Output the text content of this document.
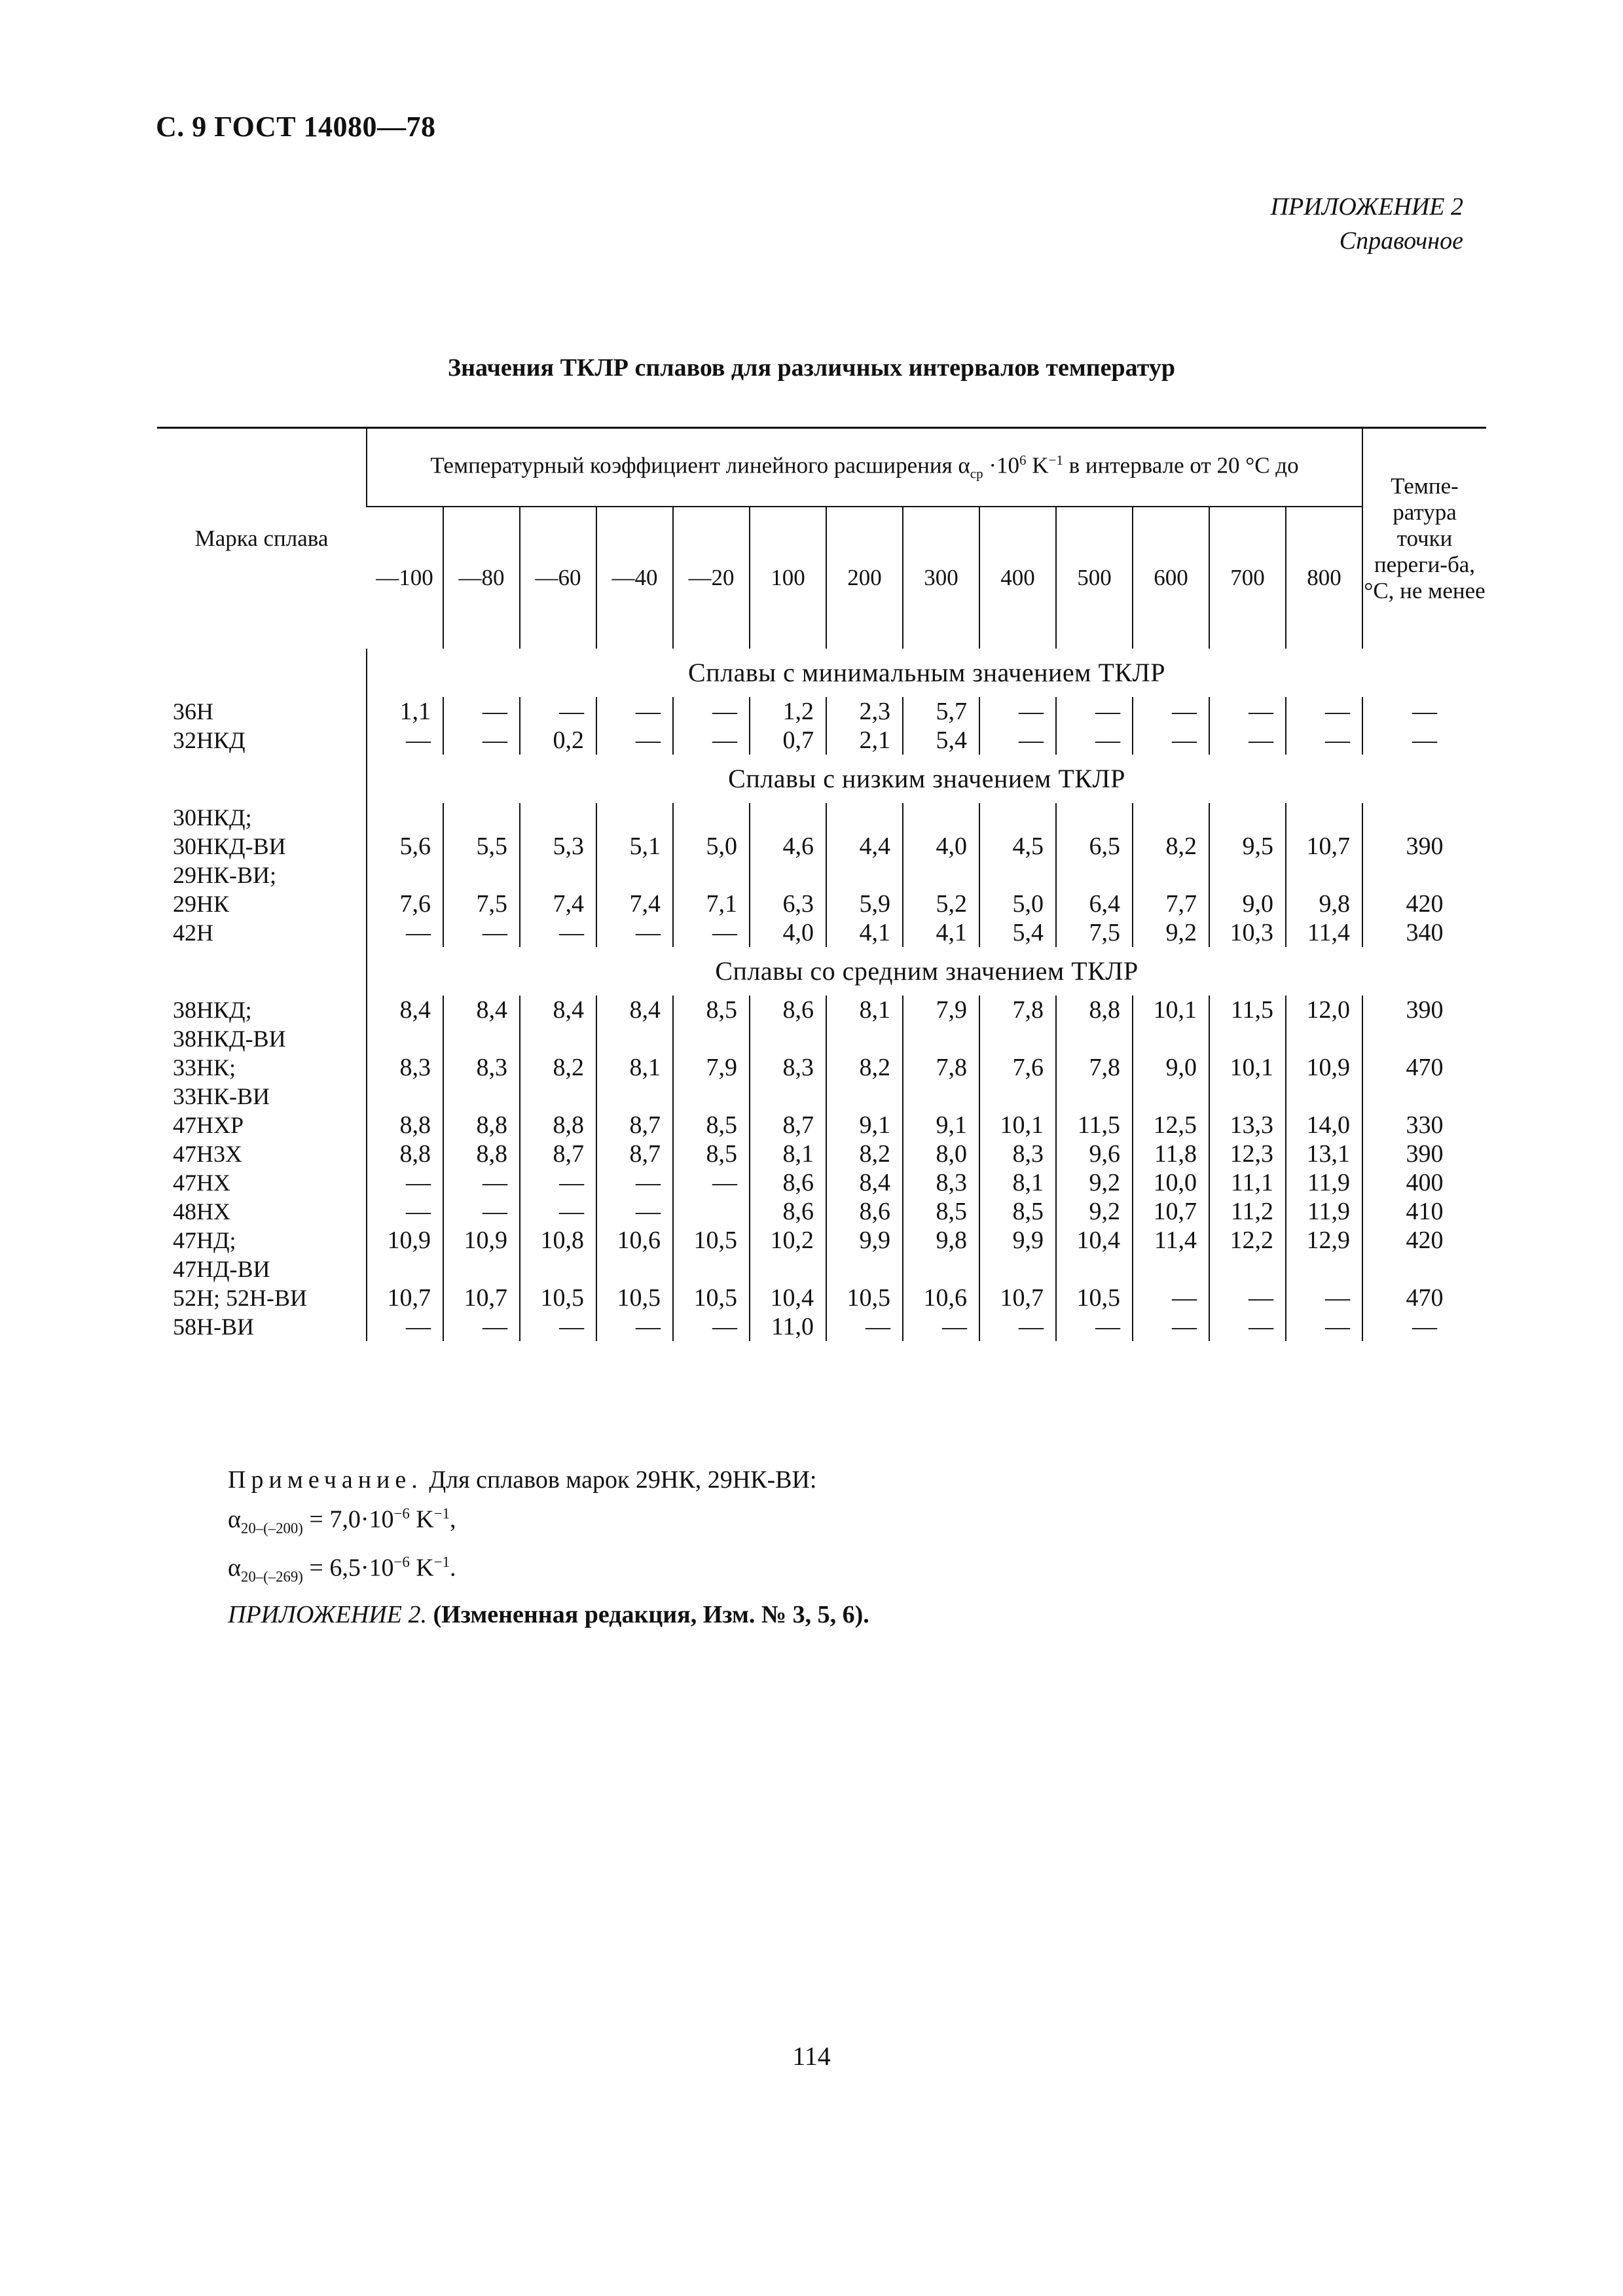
С. 9 ГОСТ 14080—78
ПРИЛОЖЕНИЕ 2
Справочное
Значения ТКЛР сплавов для различных интервалов температур
Марка сплава	Температурный коэффициент линейного расширения $\alpha_{ср} \cdot 10^6$ $K^{-1}$ в интервале от 20 °С до													Темпе-ратура точки переги-ба, °С, не менее
	—100	—80	—60	—40	—20	100	200	300	400	500	600	700	800	
	Сплавы с минимальным значением ТКЛР													
36Н	1,1	—	—	—	—	1,2	2,3	5,7	—	—	—	—	—	—
32НКД	—	—	0,2	—	—	0,7	2,1	5,4	—	—	—	—	—	—
	Сплавы с низким значением ТКЛР													
30НКД;														
30НКД-ВИ	5,6	5,5	5,3	5,1	5,0	4,6	4,4	4,0	4,5	6,5	8,2	9,5	10,7	390
29НК-ВИ;														
29НК	7,6	7,5	7,4	7,4	7,1	6,3	5,9	5,2	5,0	6,4	7,7	9,0	9,8	420
42Н	—	—	—	—	—	4,0	4,1	4,1	5,4	7,5	9,2	10,3	11,4	340
	Сплавы со средним значением ТКЛР													
38НКД;	8,4	8,4	8,4	8,4	8,5	8,6	8,1	7,9	7,8	8,8	10,1	11,5	12,0	390
38НКД-ВИ														
33НК;	8,3	8,3	8,2	8,1	7,9	8,3	8,2	7,8	7,6	7,8	9,0	10,1	10,9	470
33НК-ВИ														
47НХР	8,8	8,8	8,8	8,7	8,5	8,7	9,1	9,1	10,1	11,5	12,5	13,3	14,0	330
47Н3Х	8,8	8,8	8,7	8,7	8,5	8,1	8,2	8,0	8,3	9,6	11,8	12,3	13,1	390
47НХ	—	—	—	—	—	8,6	8,4	8,3	8,1	9,2	10,0	11,1	11,9	400
48НХ	—	—	—	—		8,6	8,6	8,5	8,5	9,2	10,7	11,2	11,9	410
47НД;	10,9	10,9	10,8	10,6	10,5	10,2	9,9	9,8	9,9	10,4	11,4	12,2	12,9	420
47НД-ВИ														
52Н; 52Н-ВИ	10,7	10,7	10,5	10,5	10,5	10,4	10,5	10,6	10,7	10,5	—	—	—	470
58Н-ВИ	—	—	—	—	—	11,0	—	—	—	—	—	—	—	—
Примечание. Для сплавов марок 29НК, 29НК-ВИ:
$\alpha_{20-(-200)} = 7,0\cdot 10^{-6}$ $K^{-1}$,
$\alpha_{20-(-269)} = 6,5\cdot 10^{-6}$ $K^{-1}$.
ПРИЛОЖЕНИЕ 2. (Измененная редакция, Изм. № 3, 5, 6).
114
